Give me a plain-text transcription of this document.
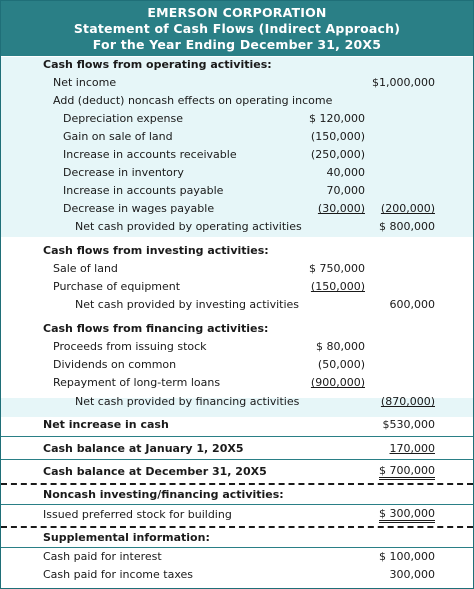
EMERSON CORPORATION
Statement of Cash Flows (Indirect Approach)
For the Year Ending December 31, 20X5
Cash flows from operating activities:
Net income	$1,000,000
Add (deduct) noncash effects on operating income
Depreciation expense	$ 120,000
Gain on sale of land	(150,000)
Increase in accounts receivable	(250,000)
Decrease in inventory	40,000
Increase in accounts payable	70,000
Decrease in wages payable	(30,000) (200,000)
Net cash provided by operating activities	$ 800,000
Cash flows from investing activities:
Sale of land	$ 750,000
Purchase of equipment	(150,000)
Net cash provided by investing activities	600,000
Cash flows from financing activities:
Proceeds from issuing stock	$ 80,000
Dividends on common	(50,000)
Repayment of long-term loans	(900,000)
Net cash provided by financing activities	(870,000)
Net increase in cash	$530,000
Cash balance at January 1, 20X5	170,000
Cash balance at December 31, 20X5	$ 700,000
Noncash investing/financing activities:
Issued preferred stock for building	$ 300,000
Supplemental information:
Cash paid for interest	$ 100,000
Cash paid for income taxes	300,000
